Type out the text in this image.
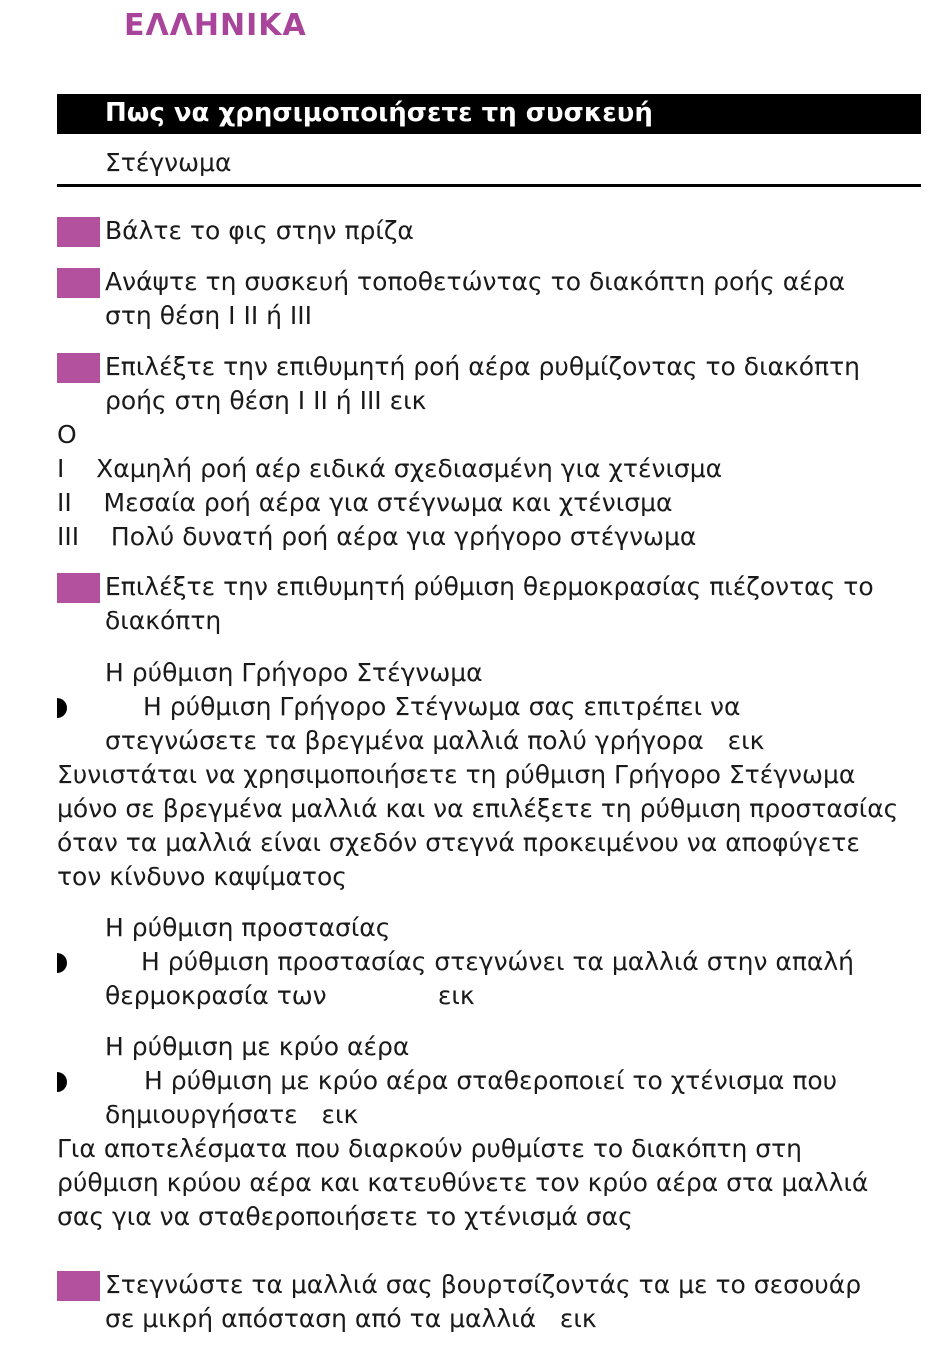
ΕΛΛΗΝΙΚΑ
Πως να χρησιμοποιήσετε τη συσκευή
Στέγνωμα
Βάλτε το φις στην πρίζα
Ανάψτε τη συσκευή τοποθετώντας το διακόπτη ροής αέρα
στη θέση I II ή III
Επιλέξτε την επιθυμητή ροή αέρα ρυθμίζοντας το διακόπτη
ροής στη θέση I II ή III εικ
O
I    Χαμηλή ροή αέρ ειδικά σχεδιασμένη για χτένισμα
II    Μεσαία ροή αέρα για στέγνωμα και χτένισμα
III    Πολύ δυνατή ροή αέρα για γρήγορο στέγνωμα
Επιλέξτε την επιθυμητή ρύθμιση θερμοκρασίας πιέζοντας το
διακόπτη
Η ρύθμιση Γρήγορο Στέγνωμα
Η ρύθμιση Γρήγορο Στέγνωμα σας επιτρέπει να
στεγνώσετε τα βρεγμένα μαλλιά πολύ γρήγορα   εικ
Συνιστάται να χρησιμοποιήσετε τη ρύθμιση Γρήγορο Στέγνωμα
μόνο σε βρεγμένα μαλλιά και να επιλέξετε τη ρύθμιση προστασίας
όταν τα μαλλιά είναι σχεδόν στεγνά προκειμένου να αποφύγετε
τον κίνδυνο καψίματος
Η ρύθμιση προστασίας
Η ρύθμιση προστασίας στεγνώνει τα μαλλιά στην απαλή
θερμοκρασία των              εικ
Η ρύθμιση με κρύο αέρα
Η ρύθμιση με κρύο αέρα σταθεροποιεί το χτένισμα που
δημιουργήσατε   εικ
Για αποτελέσματα που διαρκούν ρυθμίστε το διακόπτη στη
ρύθμιση κρύου αέρα και κατευθύνετε τον κρύο αέρα στα μαλλιά
σας για να σταθεροποιήσετε το χτένισμά σας
Στεγνώστε τα μαλλιά σας βουρτσίζοντάς τα με το σεσουάρ
σε μικρή απόσταση από τα μαλλιά   εικ
